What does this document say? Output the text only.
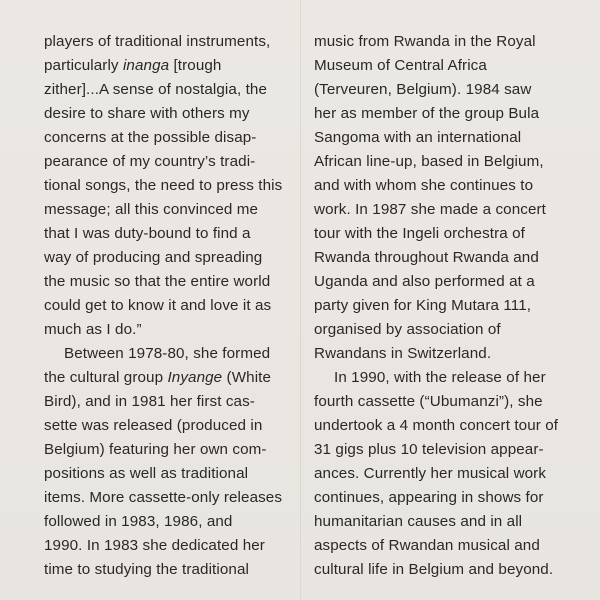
players of traditional instruments,
particularly inanga [trough
zither]...A sense of nostalgia, the
desire to share with others my
concerns at the possible disap-
pearance of my country’s tradi-
tional songs, the need to press this
message; all this convinced me
that I was duty-bound to find a
way of producing and spreading
the music so that the entire world
could get to know it and love it as
much as I do.”
Between 1978-80, she formed
the cultural group Inyange (White
Bird), and in 1981 her first cas-
sette was released (produced in
Belgium) featuring her own com-
positions as well as traditional
items. More cassette-only releases
followed in 1983, 1986, and
1990. In 1983 she dedicated her
time to studying the traditional
music from Rwanda in the Royal
Museum of Central Africa
(Terveuren, Belgium). 1984 saw
her as member of the group Bula
Sangoma with an international
African line-up, based in Belgium,
and with whom she continues to
work. In 1987 she made a concert
tour with the Ingeli orchestra of
Rwanda throughout Rwanda and
Uganda and also performed at a
party given for King Mutara 111,
organised by association of
Rwandans in Switzerland.
In 1990, with the release of her
fourth cassette (“Ubumanzi”), she
undertook a 4 month concert tour of
31 gigs plus 10 television appear-
ances. Currently her musical work
continues, appearing in shows for
humanitarian causes and in all
aspects of Rwandan musical and
cultural life in Belgium and beyond.
